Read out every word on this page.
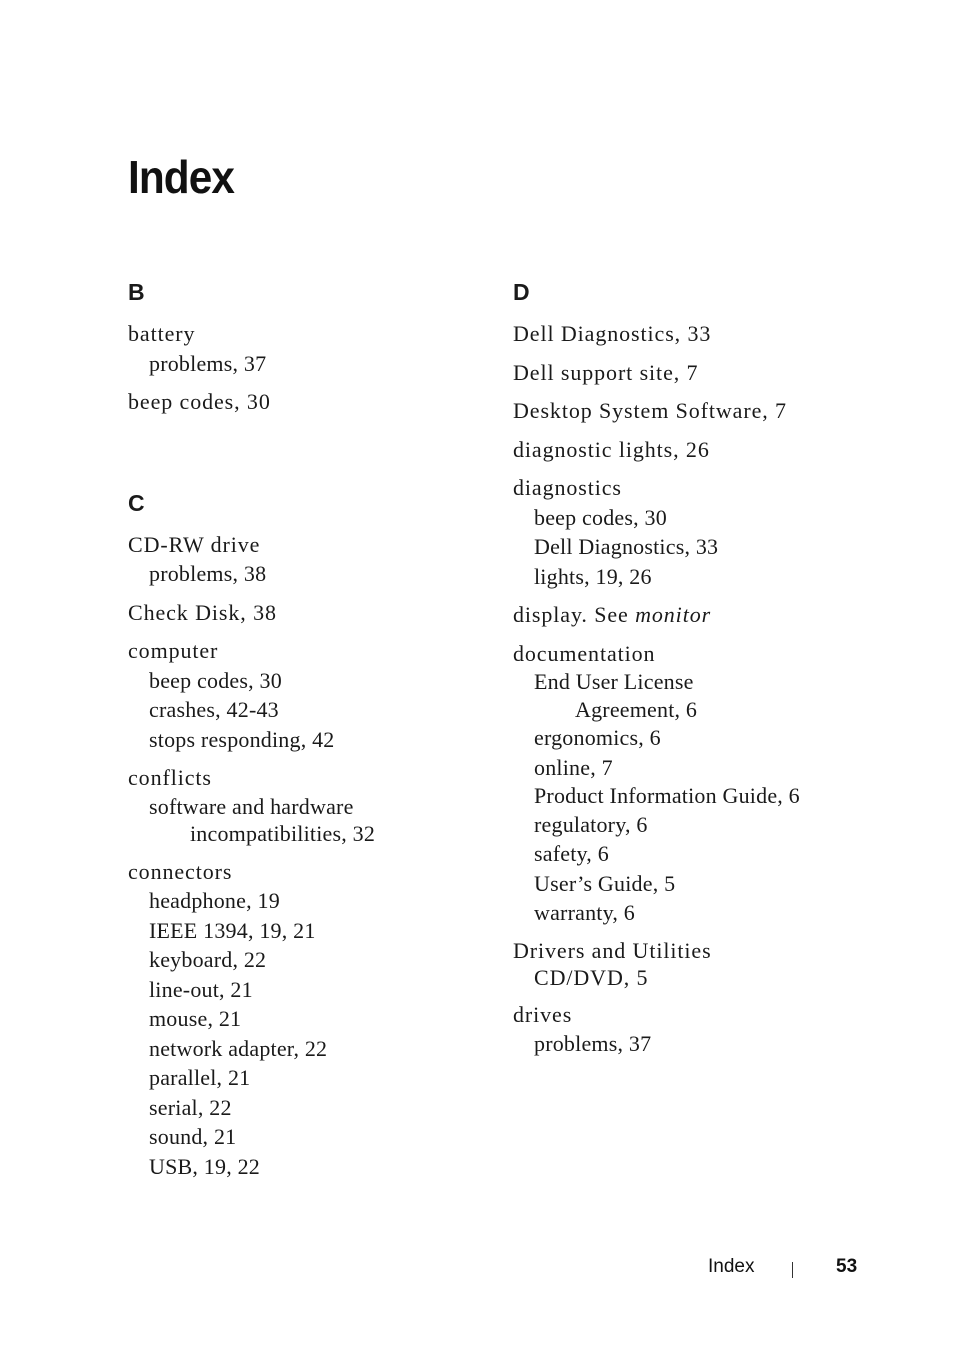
Index
B
battery
problems, 37
beep codes, 30
C
CD-RW drive
problems, 38
Check Disk, 38
computer
beep codes, 30
crashes, 42-43
stops responding, 42
conflicts
software and hardware incompatibilities, 32
connectors
headphone, 19
IEEE 1394, 19, 21
keyboard, 22
line-out, 21
mouse, 21
network adapter, 22
parallel, 21
serial, 22
sound, 21
USB, 19, 22
D
Dell Diagnostics, 33
Dell support site, 7
Desktop System Software, 7
diagnostic lights, 26
diagnostics
beep codes, 30
Dell Diagnostics, 33
lights, 19, 26
display. See monitor
documentation
End User License Agreement, 6
ergonomics, 6
online, 7
Product Information Guide, 6
regulatory, 6
safety, 6
User’s Guide, 5
warranty, 6
Drivers and Utilities CD/DVD, 5
drives
problems, 37
Index	53
